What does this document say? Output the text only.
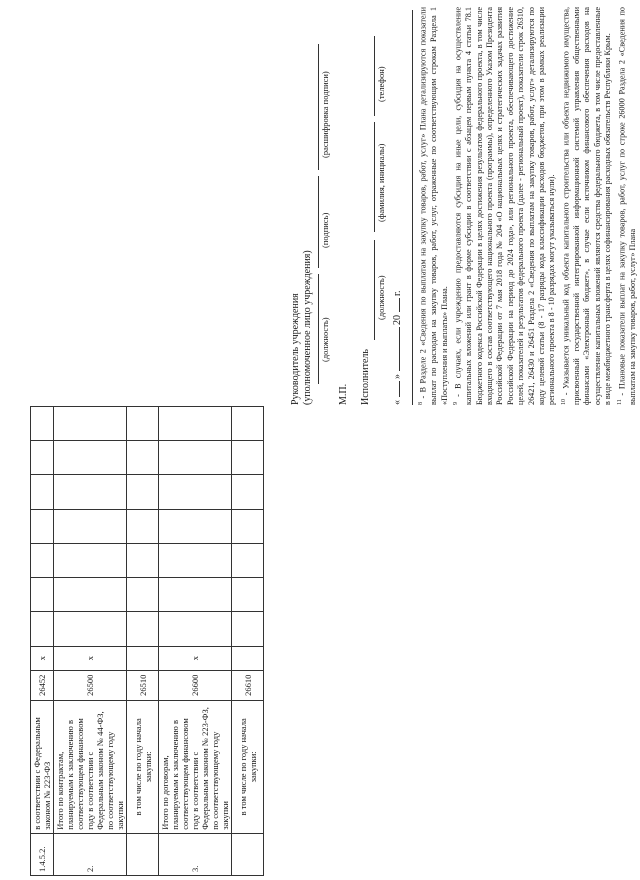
1.4.5.2.	в соответствии с Федеральным законом № 223-ФЗ	26452	x							
2.	Итого по контрактам, планируемым к заключению в соответствующем финансовом году в соответствии с Федеральным законом № 44-ФЗ, по соответствующему году закупки	26500	x							
	в том числе по году начала закупки:	26510								
3.	Итого по договорам, планируемым к заключению в соответствующем финансовом году в соответствии с Федеральным законом № 223-ФЗ, по соответствующему году закупки	26600	x							
	в том числе по году начала закупки:	26610								
Руководитель учреждения (уполномоченное лицо учреждения) (должность)
(подпись)
(расшифровка подписи)
М.П. Исполнитель
(должность)
(фамилия, инициалы)
(телефон)
«  »  20  г.

$^8$ - В Разделе 2 «Сведения по выплатам на закупку товаров, работ, услуг» Плана детализируются показатели выплат по расходам на закупку товаров, работ, услуг, отраженные по соответствующим строкам Раздела 1 «Поступления и выплаты» Плана. $^9$ - В случаях, если учреждению предоставляются субсидия на иные цели, субсидия на осуществление капитальных вложений или грант в форме субсидии в соответствии с абзацем первым пункта 4 статьи 78.1 Бюджетного кодекса Российской Федерации в целях достижения результатов федерального проекта, в том числе входящего в состав соответствующего национального проекта (программы), определенного Указом Президента Российской Федерации от 7 мая 2018 года № 204 «О национальных целях и стратегических задачах развития Российской Федерации на период до 2024 года», или регионального проекта, обеспечивающего достижение целей, показателей и результатов федерального проекта (далее - региональный проект), показатели строк 26310, 26421, 26430 и 26451 Раздела 2 «Сведения по выплатам на закупку товаров, работ, услуг» детализируются по коду целевой статьи (8 - 17 разряды кода классификации расходов бюджетов, при этом в рамках реализации регионального проекта в 8 - 10 разрядах могут указываться нули). $^{10}$ - Указывается уникальный код объекта капитального строительства или объекта недвижимого имущества, присвоенный государственной интегрированной информационной системой управления общественными финансами «Электронный бюджет», в случае если источником финансового обеспечения расходов на осуществление капитальных вложений являются средства федерального бюджета, в том числе предоставленные в виде межбюджетного трансферта в целях софинансирования расходных обязательств Республики Крым. $^{11}$ - Плановые показатели выплат на закупку товаров, работ, услуг по строке 26000 Раздела 2 «Сведения по выплатам на закупку товаров, работ, услуг» Плана
